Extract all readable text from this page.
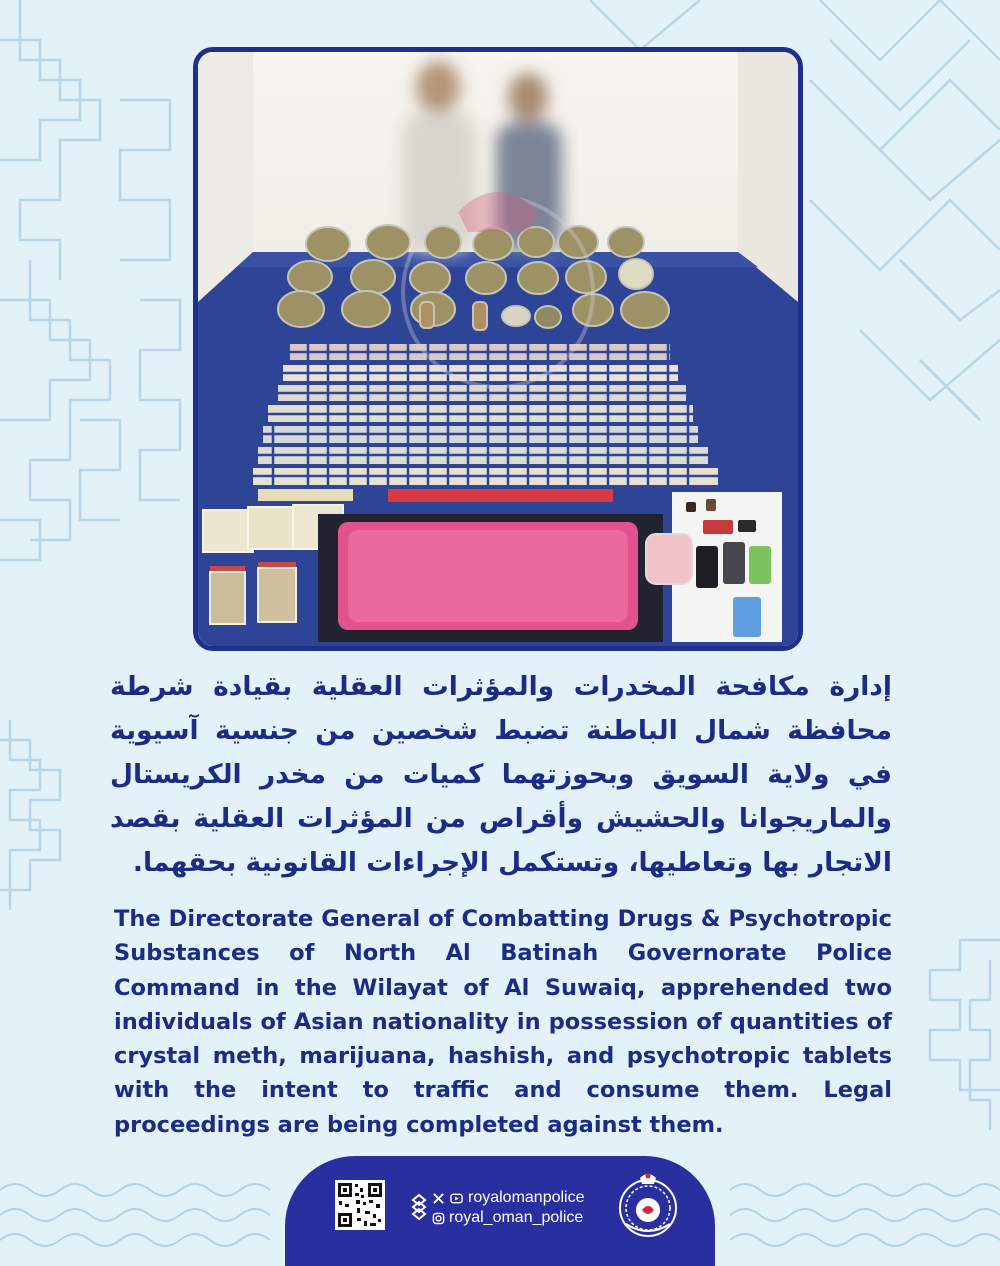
إدارة مكافحة المخدرات والمؤثرات العقلية بقيادة شرطة محافظة شمال الباطنة تضبط شخصين من جنسية آسيوية في ولاية السويق وبحوزتهما كميات من مخدر الكريستال والماريجوانا والحشيش وأقراص من المؤثرات العقلية بقصد الاتجار بها وتعاطيها، وتستكمل الإجراءات القانونية بحقهما.

The Directorate General of Combatting Drugs & Psychotropic Substances of North Al Batinah Governorate Police Command in the Wilayat of Al Suwaiq, apprehended two individuals of Asian nationality in possession of quantities of crystal meth, marijuana, hashish, and psychotropic tablets with the intent to traffic and consume them. Legal proceedings are being completed against them.

royalomanpolice
royal_oman_police
